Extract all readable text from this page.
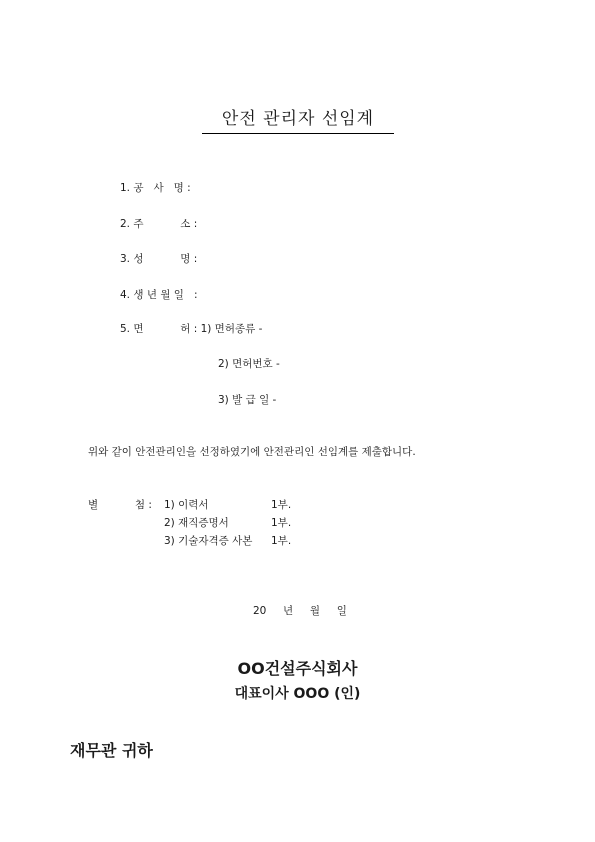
안전 관리자 선임계
1. 공   사   명 :
2. 주           소 :
3. 성           명 :
4. 생 년 월 일   :
5. 면           허 : 1) 면허종류 -
2) 면허번호 -
3) 발 급 일 -
위와 같이 안전관리인을 선정하였기에 안전관리인 선임계를 제출합니다.
별           첨 : 1) 이력서	1부.
2) 재직증명서	1부.
3) 기술자격증 사본 1부.
20     년     월     일
OO건설주식회사
대표이사 OOO (인)
재무관 귀하
